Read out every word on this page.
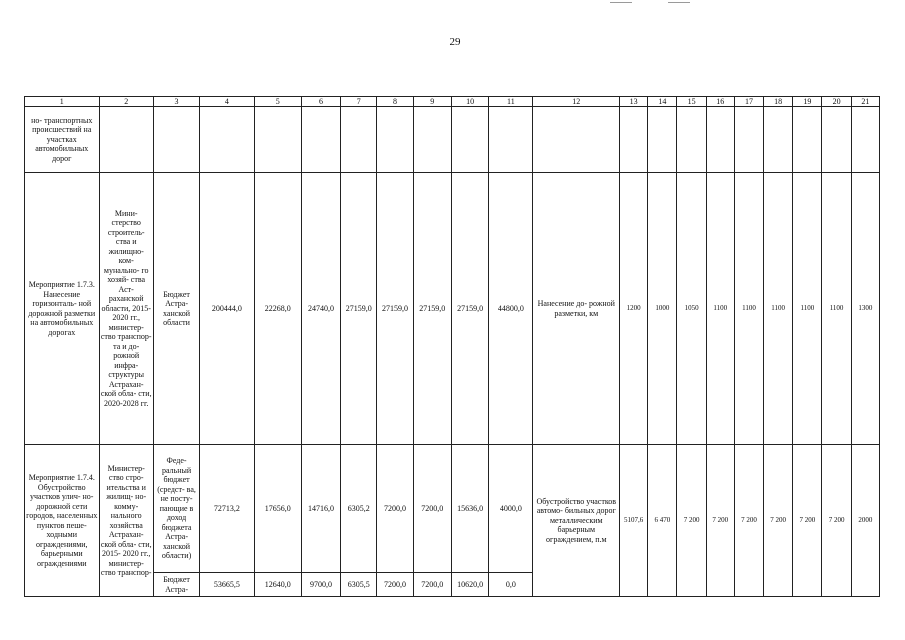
29
1	2	3	4	5	6	7	8	9	10	11	12	13	14	15	16	17	18	19	20	21
но- транспортных происшествий на участках автомобильных дорог																				
Мероприятие 1.7.3. Нанесение горизонталь- ной дорожной разметки на автомобильных дорогах	Мини- стерство строитель- ства и жилищно- ком- мунально- го хозяй- ства Аст- раханской области, 2015-2020 гг., министер- ство транспор- та и до- рожной инфра- структуры Астрахан- ской обла- сти, 2020-2028 гг.	Бюджет Астра- ханской области	200444,0	22268,0	24740,0	27159,0	27159,0	27159,0	27159,0	44800,0	Нанесение до- рожной разметки, км	1200	1000	1050	1100	1100	1100	1100	1100	1300
Мероприятие 1.7.4. Обустройство участков улич- но-дорожной сети городов, населенных пунктов пеше- ходными ограждениями, барьерными ограждениями	Министер- ство стро- ительства и жилищ- но-комму- нального хозяйства Астрахан- ской обла- сти, 2015- 2020 гг., министер- ство транспор-	Феде- ральный бюджет (средст- ва, не посту- пающие в доход бюджета Астра- ханской области)	72713,2	17656,0	14716,0	6305,2	7200,0	7200,0	15636,0	4000,0	Обустройство участков автомо- бильных дорог металлическим барьерным ограждением, п.м	5107,6	6 470	7 200	7 200	7 200	7 200	7 200	7 200	2000
		Бюджет Астра-	53665,5	12640,0	9700,0	6305,5	7200,0	7200,0	10620,0	0,0										
